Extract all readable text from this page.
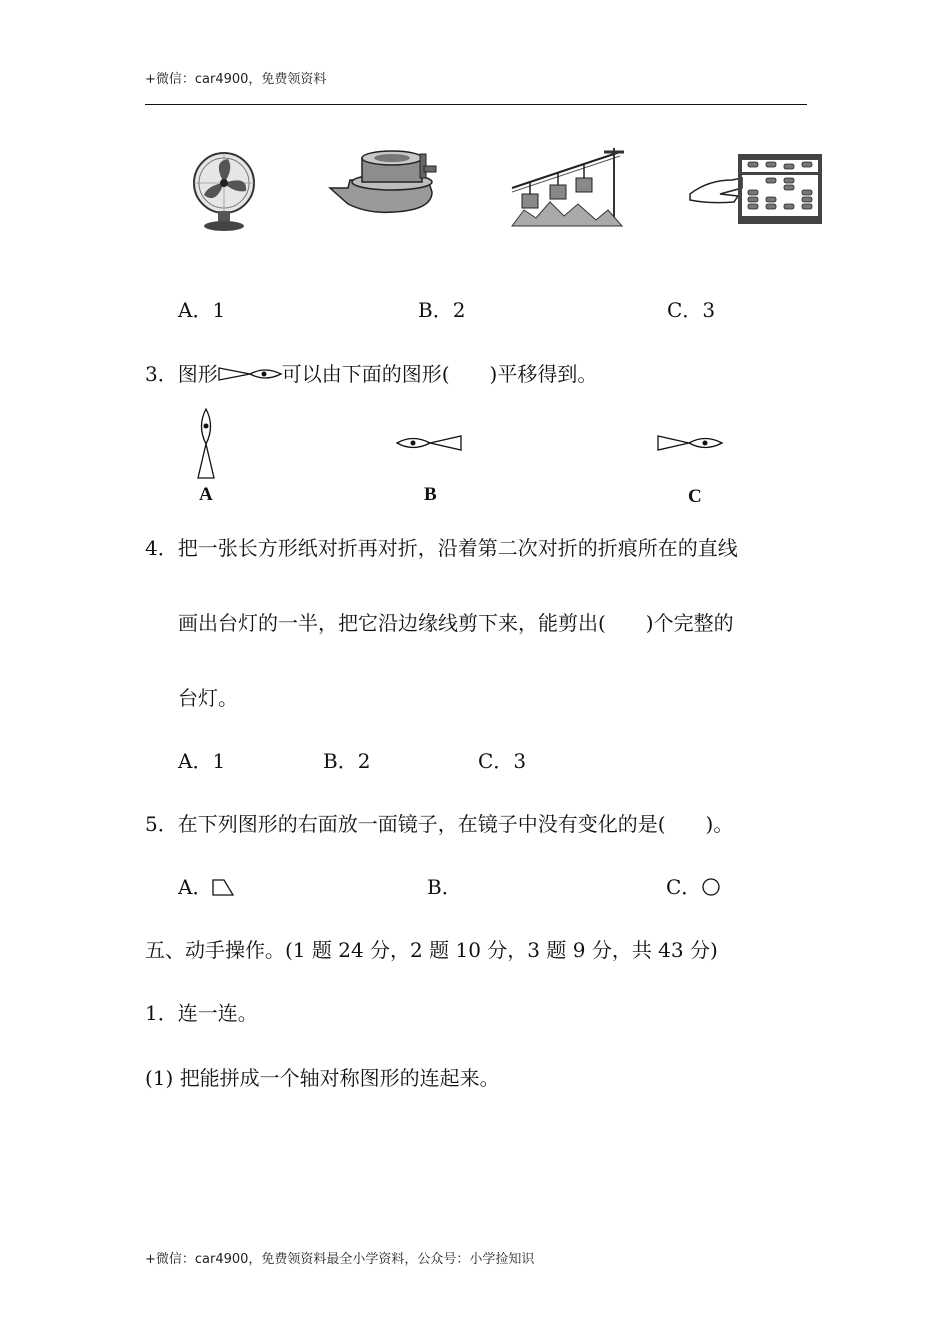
+微信：car4900，免费领资料
A．1	B．2	C．3
3．图形	可以由下面的图形(　　)平移得到。
A	B	C
4．把一张长方形纸对折再对折，沿着第二次对折的折痕所在的直线
画出台灯的一半，把它沿边缘线剪下来，能剪出(　　)个完整的
台灯。
A．1	B．2	C．3
5．在下列图形的右面放一面镜子，在镜子中没有变化的是(　　)。
A．	B．	C．
五、动手操作。(1 题 24 分，2 题 10 分，3 题 9 分，共 43 分)
1．连一连。
(1) 把能拼成一个轴对称图形的连起来。
+微信：car4900，免费领资料最全小学资料，公众号：小学捡知识
